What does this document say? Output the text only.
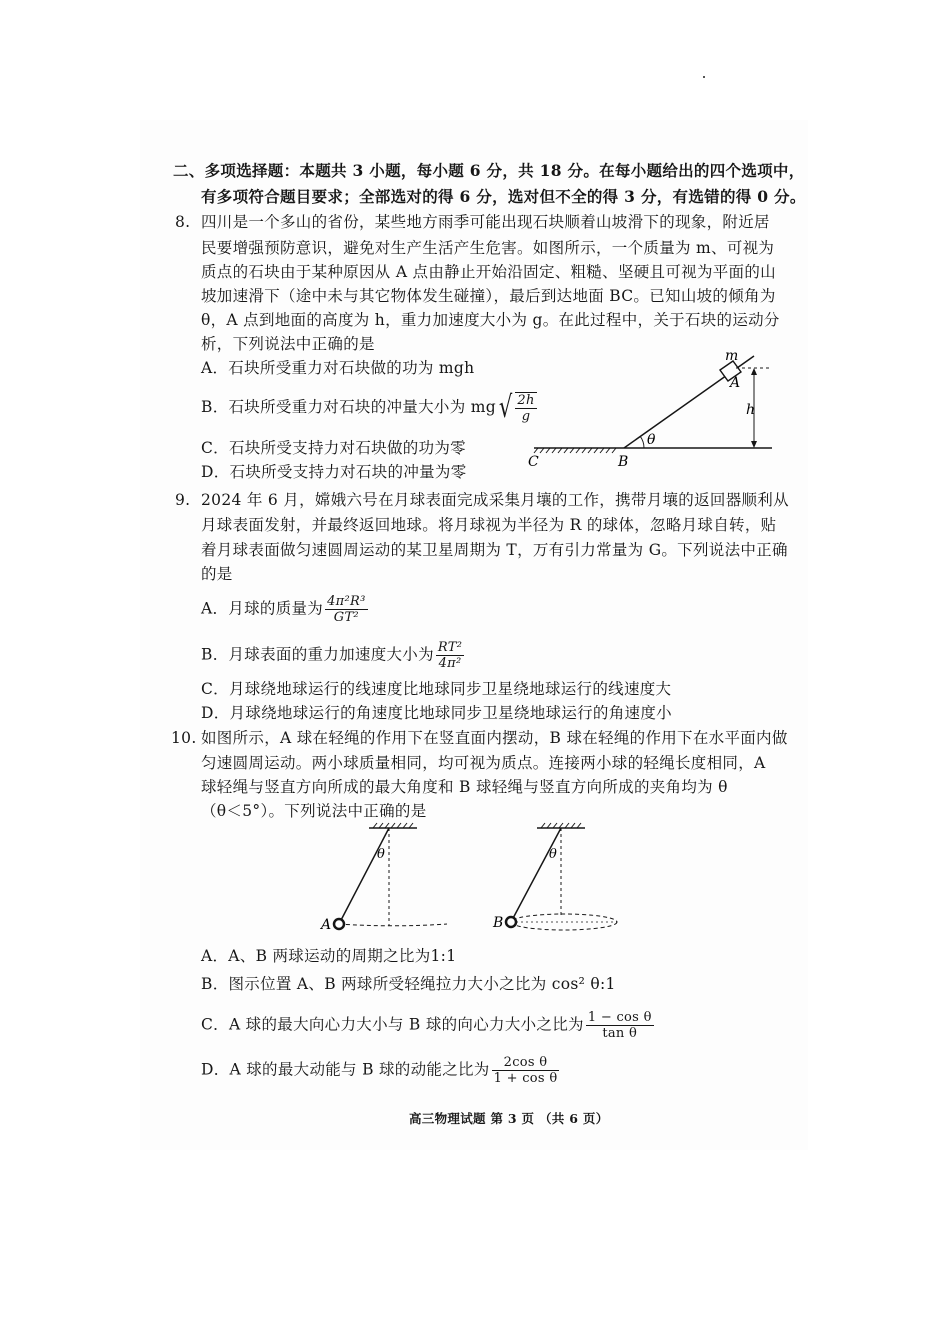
二、多项选择题：本题共 3 小题，每小题 6 分，共 18 分。在每小题给出的四个选项中，
有多项符合题目要求；全部选对的得 6 分，选对但不全的得 3 分，有选错的得 0 分。
8. 四川是一个多山的省份，某些地方雨季可能出现石块顺着山坡滑下的现象，附近居
民要增强预防意识，避免对生产生活产生危害。如图所示，一个质量为 m、可视为
质点的石块由于某种原因从 A 点由静止开始沿固定、粗糙、坚硬且可视为平面的山
坡加速滑下（途中未与其它物体发生碰撞），最后到达地面 BC。已知山坡的倾角为
θ，A 点到地面的高度为 h，重力加速度大小为 g。在此过程中，关于石块的运动分
析，下列说法中正确的是
A．石块所受重力对石块做的功为 mgh
B．石块所受重力对石块的冲量大小为 $mg√ \frac{2h}{g}$
C．石块所受支持力对石块做的功为零
D．石块所受支持力对石块的冲量为零
m
A
h
θ
B
C
9. 2024 年 6 月，嫦娥六号在月球表面完成采集月壤的工作，携带月壤的返回器顺利从
月球表面发射，并最终返回地球。将月球视为半径为 R 的球体，忽略月球自转，贴
着月球表面做匀速圆周运动的某卫星周期为 T，万有引力常量为 G。下列说法中正确
的是
A．月球的质量为 $\frac{\text{4π²R³}}{\text{GT²}}$
B．月球表面的重力加速度大小为 $\frac{\text{RT²}}{\text{4π²}}$
C．月球绕地球运行的线速度比地球同步卫星绕地球运行的线速度大
D．月球绕地球运行的角速度比地球同步卫星绕地球运行的角速度小
10. 如图所示，A 球在轻绳的作用下在竖直面内摆动，B 球在轻绳的作用下在水平面内做
匀速圆周运动。两小球质量相同，均可视为质点。连接两小球的轻绳长度相同，A
球轻绳与竖直方向所成的最大角度和 B 球轻绳与竖直方向所成的夹角均为 θ
（θ＜5°）。下列说法中正确的是
θ
A
θ
B
A．A、B 两球运动的周期之比为1:1
B．图示位置 A、B 两球所受轻绳拉力大小之比为 cos² θ:1
C．A 球的最大向心力大小与 B 球的向心力大小之比为 $\frac{\text{1 − cos θ}}{\text{tan θ}}$
D．A 球的最大动能与 B 球的动能之比为 $\frac{\text{2cos θ}}{\text{1 + cos θ}}$
高三物理试题 第 3 页 （共 6 页）
